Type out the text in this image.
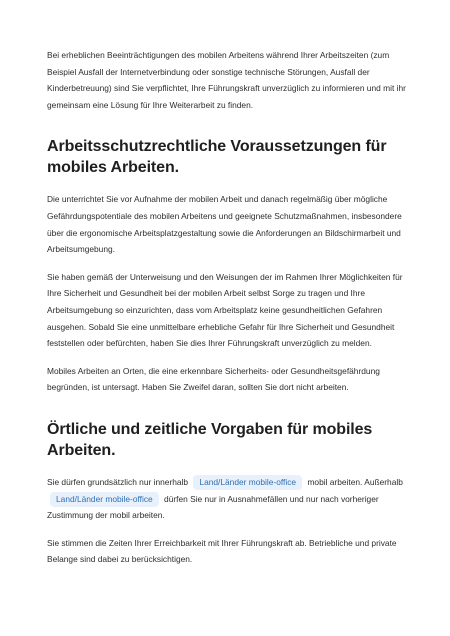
Bei erheblichen Beeinträchtigungen des mobilen Arbeitens während Ihrer Arbeitszeiten (zum Beispiel Ausfall der Internetverbindung oder sonstige technische Störungen, Ausfall der Kinderbetreuung) sind Sie verpflichtet, Ihre Führungskraft unverzüglich zu informieren und mit ihr gemeinsam eine Lösung für Ihre Weiterarbeit zu finden.

Arbeitsschutzrechtliche Voraussetzungen für mobiles Arbeiten.

Die unterrichtet Sie vor Aufnahme der mobilen Arbeit und danach regelmäßig über mögliche Gefährdungspotentiale des mobilen Arbeitens und geeignete Schutzmaßnahmen, insbesondere über die ergonomische Arbeitsplatzgestaltung sowie die Anforderungen an Bildschirmarbeit und Arbeitsumgebung.

Sie haben gemäß der Unterweisung und den Weisungen der im Rahmen Ihrer Möglichkeiten für Ihre Sicherheit und Gesundheit bei der mobilen Arbeit selbst Sorge zu tragen und Ihre Arbeitsumgebung so einzurichten, dass vom Arbeitsplatz keine gesundheitlichen Gefahren ausgehen. Sobald Sie eine unmittelbare erhebliche Gefahr für Ihre Sicherheit und Gesundheit feststellen oder befürchten, haben Sie dies Ihrer Führungskraft unverzüglich zu melden.

Mobiles Arbeiten an Orten, die eine erkennbare Sicherheits- oder Gesundheitsgefährdung begründen, ist untersagt. Haben Sie Zweifel daran, sollten Sie dort nicht arbeiten.

Örtliche und zeitliche Vorgaben für mobiles Arbeiten.

Sie dürfen grundsätzlich nur innerhalb Land/Länder mobile-office mobil arbeiten. Außerhalb Land/Länder mobile-office dürfen Sie nur in Ausnahmefällen und nur nach vorheriger Zustimmung der mobil arbeiten.

Sie stimmen die Zeiten Ihrer Erreichbarkeit mit Ihrer Führungskraft ab. Betriebliche und private Belange sind dabei zu berücksichtigen.
